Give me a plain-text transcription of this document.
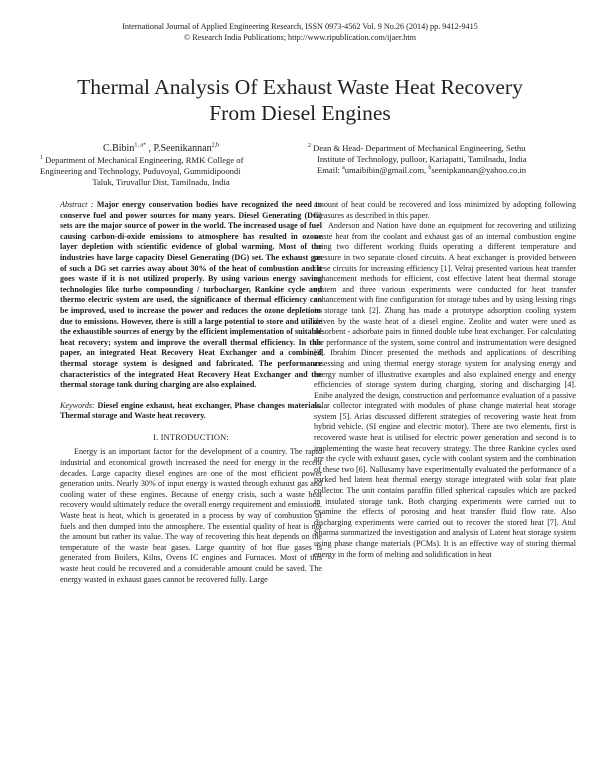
International Journal of Applied Engineering Research, ISSN 0973-4562 Vol. 9 No.26 (2014) pp. 9412-9415
© Research India Publications; http://www.ripublication.com/ijaer.htm
Thermal Analysis Of Exhaust Waste Heat Recovery
From Diesel Engines
C.Bibin$^{1, a*}$ , P.Seenikannan$^{2,b}$
$^1$ Department of Mechanical Engineering, RMK College of
Engineering and Technology, Puduvoyal, Gummidipoondi
Taluk, Tiruvallur Dist, Tamilnadu, India
$^2$ Dean & Head- Department of Mechanical Engineering, Sethu
Institute of Technology, pulloor, Kariapatti, Tamilnadu, India
Email: $^a$umaibibin@gmail.com, $^b$seenipkannan@yahoo.co.in

Abstract : Major energy conservation bodies have recognized the need to conserve fuel and power sources for many years. Diesel Generating (DG) sets are the major source of power in the world. The increased usage of fuel causing carbon-di-oxide emissions to atmosphere has resulted in ozone layer depletion with scientific evidence of global warming. Most of the industries have large capacity Diesel Generating (DG) set. The exhaust gas of such a DG set carries away about 30% of the heat of combustion and it goes waste if it is not utilized properly. By using various energy saving technologies like turbo compounding / turbocharger, Rankine cycle and thermo electric system are used, the significance of thermal efficiency can be improved, used to increase the power and reduces the ozone depletions due to emissions. However, there is still a large potential to store and utilize the exhaustible sources of energy by the efficient implementation of suitable heat recovery; system and improve the overall thermal efficiency. In this paper, an integrated Heat Recovery Heat Exchanger and a combined thermal storage system is designed and fabricated. The performance characteristics of the integrated Heat Recovery Heat Exchanger and the thermal storage tank during charging are also explained.

Keywords: Diesel engine exhaust, heat exchanger, Phase changes materials. Thermal storage and Waste heat recovery.

I. INTRODUCTION:

Energy is an important factor for the development of a country. The rapid industrial and economical growth increased the need for energy in the recent decades. Large capacity diesel engines are one of the most efficient power generation units. Nearly 30% of input energy is wasted through exhaust gas and cooling water of these engines. Because of energy crisis, such a waste heat recovery would ultimately reduce the overall energy requirement and emissions. Waste heat is heat, which is generated in a process by way of combustion of fuels and then dumped into the atmosphere. The essential quality of heat is not the amount but rather its value. The way of recovering this heat depends on the temperature of the waste heat gases. Large quantity of hot flue gases is generated from Boilers, Kilns, Ovens IC engines and Furnaces. Most of this waste heat could be recovered and a considerable amount could be saved. The energy wasted in exhaust gases cannot be recovered fully. Large

amount of heat could be recovered and loss minimized by adopting following measures as described in this paper.

Anderson and Nation have done an equipment for recovering and utilizing waste heat from the coolant and exhaust gas of an internal combustion engine using two different working fluids operating a different temperature and pressure in two separate closed circuits. A heat exchanger is provided between these circuits for increasing efficiency [1]. Velraj presented various heat transfer enhancement methods for efficient, cost effective latent heat thermal storage system and three various experiments were conducted for heat transfer enhancement with fine configuration for storage tubes and by using lessing rings in storage tank [2]. Zhang has made a prototype adsorption cooling system driven by the waste heat of a diesel engine. Zeolite and water were used as adsorbent - adsorbate pairs in finned double tube heat exchanger. For calculating the performance of the system, some control and instrumentation were designed [3]. Ibrahim Dincer presented the methods and applications of describing assessing and using thermal energy storage system for analysing energy and energy number of illustrative examples and also explained energy and energy efficiencies of storage system during charging, storing and discharging [4]. Enibe analyzed the design, construction and performance evaluation of a passive solar collector integrated with modules of phase change material heat storage system [5]. Arias discussed different strategies of recovering waste heat from hybrid vehicle. (SI engine and electric motor). There are two elements, first is recovered waste heat is utilised for electric power generation and second is to implementing the waste heat recovery strategy. The three Rankine cycles used are the cycle with exhaust gases, cycle with coolant system and the combination of these two [6]. Nallusamy have experimentally evaluated the performance of a parked bed latent heat thermal energy storage integrated with solar feat plate collector. The unit contains paraffin filled spherical capsules which are packed in insulated storage tank. Both charging experiments were carried out to examine the effects of porosing and heat transfer fluid flow rate. Also discharging experiments were carried out to recover the stored heat [7]. Atul Sharma summarized the investigation and analysis of Latent heat storage system using phase change materials (PCMs). It is an effective way of storing thermal energy in the form of melting and solidification in heat
